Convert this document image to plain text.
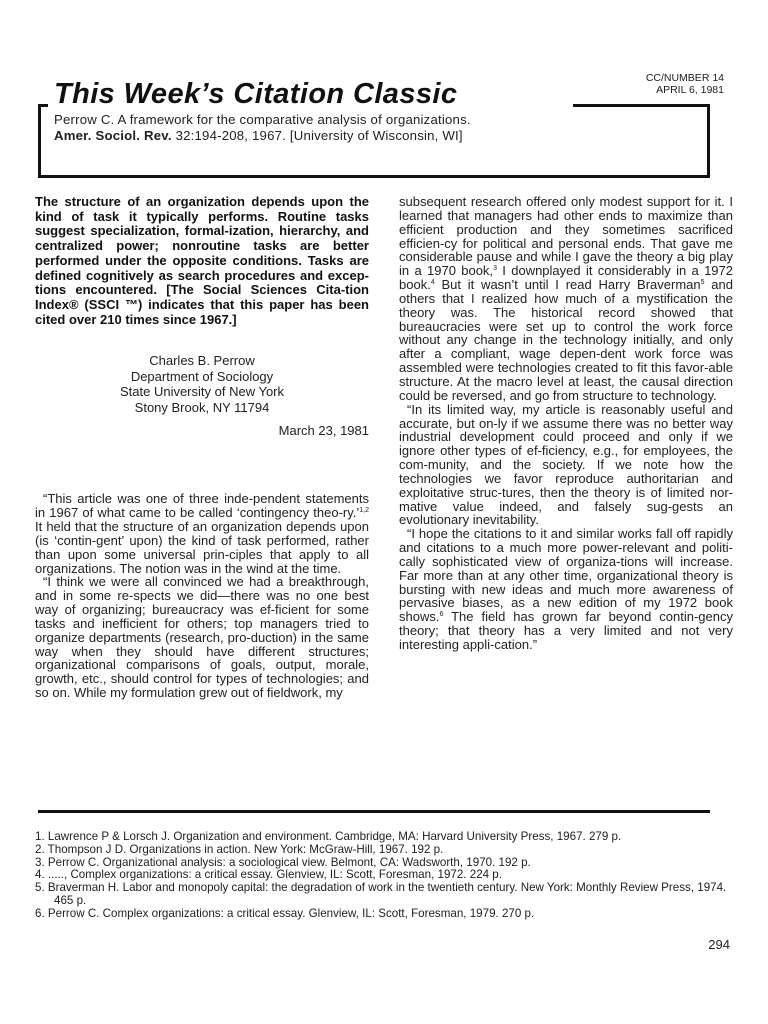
This Week’s Citation Classic	CC/NUMBER 14
APRIL 6, 1981
Perrow C. A framework for the comparative analysis of organizations.
Amer. Sociol. Rev. 32:194-208, 1967. [University of Wisconsin, WI]
The structure of an organization depends upon the kind of task it typically performs. Routine tasks suggest specialization, formal-ization, hierarchy, and centralized power; nonroutine tasks are better performed under the opposite conditions. Tasks are defined cognitively as search procedures and excep-tions encountered. [The Social Sciences Cita-tion Index® (SSCI ™) indicates that this paper has been cited over 210 times since 1967.]
Charles B. Perrow
Department of Sociology
State University of New York
Stony Brook, NY 11794
March 23, 1981

“This article was one of three inde-pendent statements in 1967 of what came to be called ‘contingency theo-ry.’$^{1,2}$ It held that the structure of an organization depends upon (is ‘contin-gent’ upon) the kind of task performed, rather than upon some universal prin-ciples that apply to all organizations. The notion was in the wind at the time.

“I think we were all convinced we had a breakthrough, and in some re-spects we did—there was no one best way of organizing; bureaucracy was ef-ficient for some tasks and inefficient for others; top managers tried to organize departments (research, pro-duction) in the same way when they should have different structures; organizational comparisons of goals, output, morale, growth, etc., should control for types of technologies; and so on. While my formulation grew out of fieldwork, my

subsequent research offered only modest support for it. I learned that managers had other ends to maximize than efficient production and they sometimes sacrificed efficien-cy for political and personal ends. That gave me considerable pause and while I gave the theory a big play in a 1970 book,$^3$ I downplayed it considerably in a 1972 book.$^4$ But it wasn’t until I read Harry Braverman$^5$ and others that I realized how much of a mystification the theory was. The historical record showed that bureaucracies were set up to control the work force without any change in the technology initially, and only after a compliant, wage depen-dent work force was assembled were technologies created to fit this favor-able structure. At the macro level at least, the causal direction could be reversed, and go from structure to technology.

“In its limited way, my article is reasonably useful and accurate, but on-ly if we assume there was no better way industrial development could proceed and only if we ignore other types of ef-ficiency, e.g., for employees, the com-munity, and the society. If we note how the technologies we favor reproduce authoritarian and exploitative struc-tures, then the theory is of limited nor-mative value indeed, and falsely sug-gests an evolutionary inevitability.

“I hope the citations to it and similar works fall off rapidly and citations to a much more power-relevant and politi-cally sophisticated view of organiza-tions will increase. Far more than at any other time, organizational theory is bursting with new ideas and much more awareness of pervasive biases, as a new edition of my 1972 book shows.$^6$ The field has grown far beyond contin-gency theory; that theory has a very limited and not very interesting appli-cation.”

1. Lawrence P & Lorsch J. Organization and environment. Cambridge, MA: Harvard University Press, 1967. 279 p.
2. Thompson J D. Organizations in action. New York: McGraw-Hill, 1967. 192 p.
3. Perrow C. Organizational analysis: a sociological view. Belmont, CA: Wadsworth, 1970. 192 p.
4. ....., Complex organizations: a critical essay. Glenview, IL: Scott, Foresman, 1972. 224 p.
5. Braverman H. Labor and monopoly capital: the degradation of work in the twentieth century. New York: Monthly Review Press, 1974. 465 p.
6. Perrow C. Complex organizations: a critical essay. Glenview, IL: Scott, Foresman, 1979. 270 p.
294
